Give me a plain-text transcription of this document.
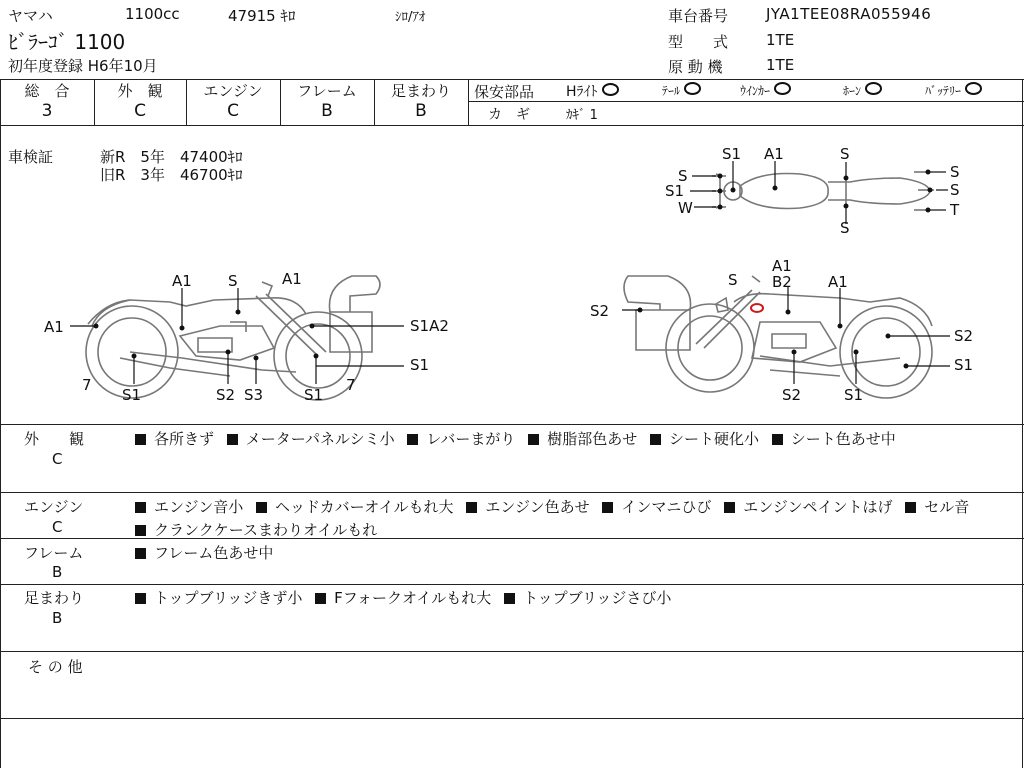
ヤマハ	1100cc	47915 ｷﾛ	ｼﾛ/ｱｵ
ﾋﾞﾗｰｺﾞ 1100
初年度登録 H6年10月
車台番号	JYA1TEE08RA055946
型　　式	1TE
原 動 機	1TE
総　合
3
外　観
C
エンジン
C
フレーム
B
足まわり
B
保安部品 Hﾗｲﾄ	ﾃｰﾙ	ｳｲﾝｶｰ	ﾎｰﾝ	ﾊﾞｯﾃﾘｰ
カ　ギ	ｶｷﾞ 1
車検証	新R　5年　47400ｷﾛ
旧R　3年　46700ｷﾛ
S1 A1	S
S
S1
W
S
S
T
S
A1
A1 S	A1
S1A2
S1
7
S1	S2 S3	S1
7
S
A1
B2 A1
S2
S2
S1
S2	S1
外　　観
C
各所きず メーターパネルシミ小 レバーまがり 樹脂部色あせ シート硬化小 シート色あせ中
エンジン
C
エンジン音小 ヘッドカバーオイルもれ大 エンジン色あせ インマニひび エンジンペイントはげ セル音 クランクケースまわりオイルもれ
フレーム
B
フレーム色あせ中
足まわり
B
トップブリッジきず小 Fフォークオイルもれ大 トップブリッジさび小
そ の 他
